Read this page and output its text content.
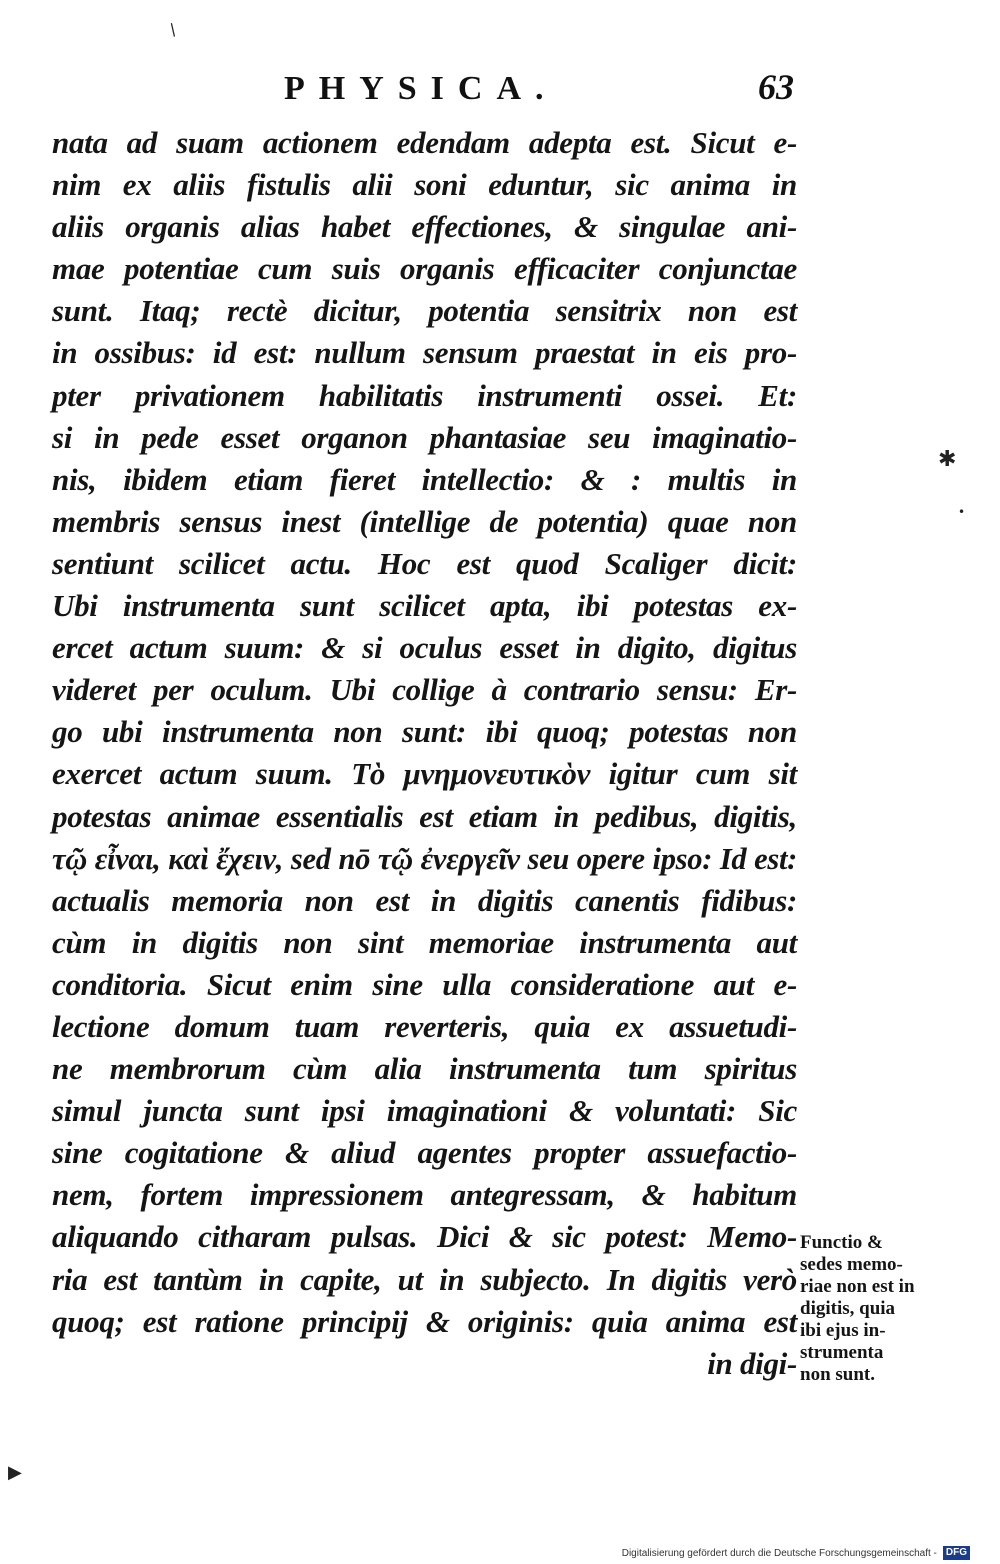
/
PHYSICA.	63
nata ad suam actionem edendam adepta est. Sicut e-
nim ex aliis fistulis alii soni eduntur, sic anima in
aliis organis alias habet effectiones, & singulae ani-
mae potentiae cum suis organis efficaciter conjunctae
sunt. Itaq; rectè dicitur, potentia sensitrix non est
in ossibus: id est: nullum sensum praestat in eis pro-
pter privationem habilitatis instrumenti ossei. Et:
si in pede esset organon phantasiae seu imaginatio-
nis, ibidem etiam fieret intellectio: & : multis in
membris sensus inest (intellige de potentia) quae non
sentiunt scilicet actu. Hoc est quod Scaliger dicit:
Ubi instrumenta sunt scilicet apta, ibi potestas ex-
ercet actum suum: & si oculus esset in digito, digitus
videret per oculum. Ubi collige à contrario sensu: Er-
go ubi instrumenta non sunt: ibi quoq; potestas non
exercet actum suum. Τὸ μνημονευτικὸν igitur cum sit
potestas animae essentialis est etiam in pedibus, digitis,
τῷ εἶναι, καὶ ἔχειν, sed nō τῷ ἐνεργεῖν seu opere ipso: Id est:
actualis memoria non est in digitis canentis fidibus:
cùm in digitis non sint memoriae instrumenta aut
conditoria. Sicut enim sine ulla consideratione aut e-
lectione domum tuam reverteris, quia ex assuetudi-
ne membrorum cùm alia instrumenta tum spiritus
simul juncta sunt ipsi imaginationi & voluntati: Sic
sine cogitatione & aliud agentes propter assuefactio-
nem, fortem impressionem antegressam, & habitum
aliquando citharam pulsas. Dici & sic potest: Memo-
ria est tantùm in capite, ut in subjecto. In digitis verò
quoq; est ratione principij & originis: quia anima est
in digi-
Functio &
sedes memo-
riae non est in
digitis, quia
ibi ejus in-
strumenta
non sunt.
✱
•
▶
Digitalisierung gefördert durch die Deutsche Forschungsgemeinschaft - DFG
